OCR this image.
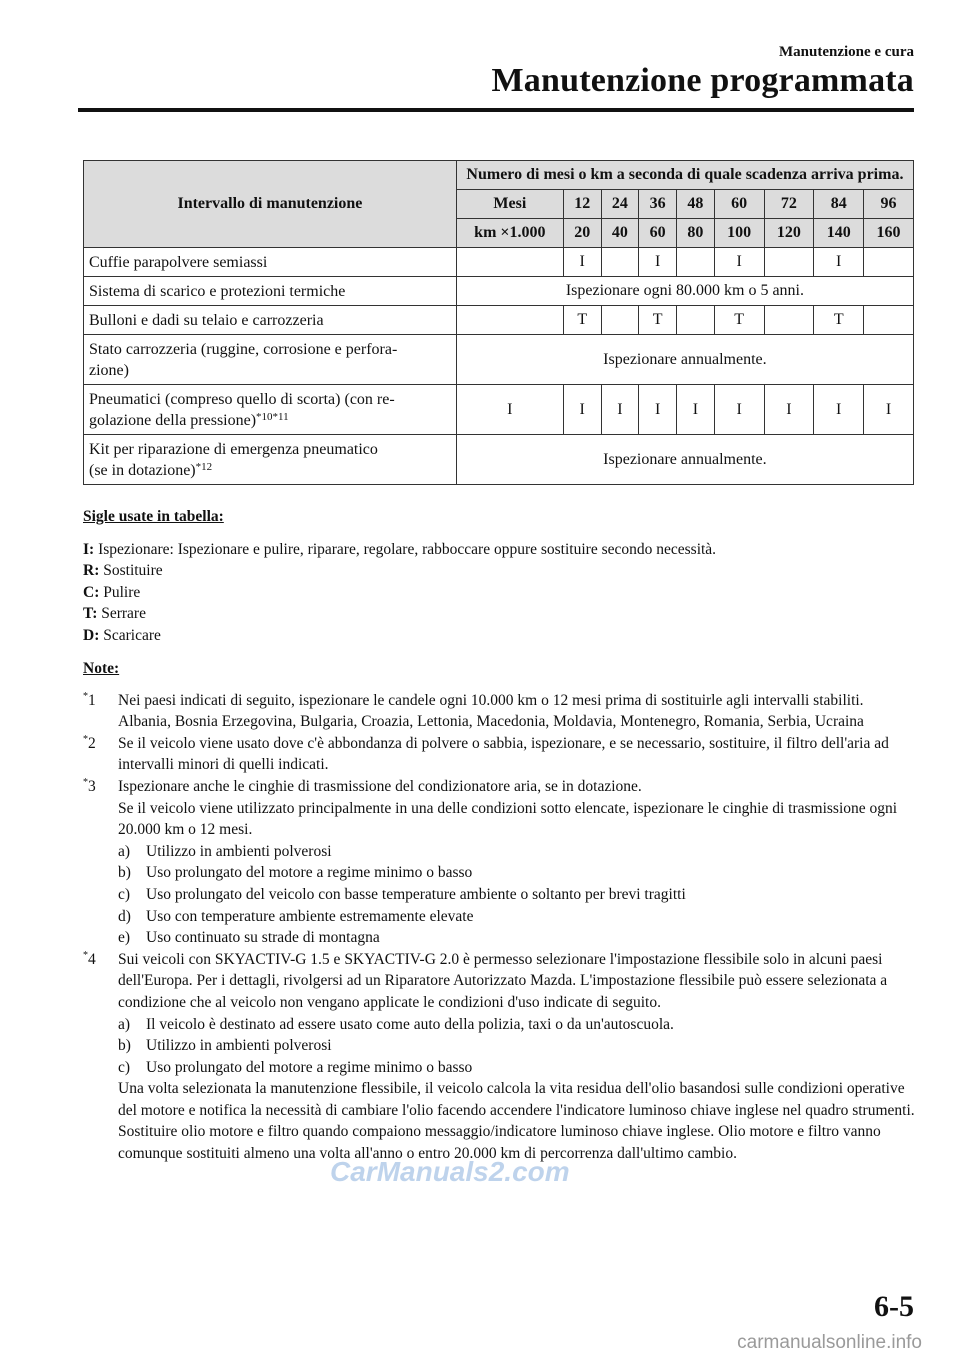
Manutenzione e cura
Manutenzione programmata
Intervallo di manutenzione	Numero di mesi o km a seconda di quale scadenza arriva prima.								
	Mesi	12	24	36	48	60	72	84	96
	km ×1.000	20	40	60	80	100	120	140	160
Cuffie parapolvere semiassi		I		I		I		I	
Sistema di scarico e protezioni termiche	Ispezionare ogni 80.000 km o 5 anni.								
Bulloni e dadi su telaio e carrozzeria		T		T		T		T	
Stato carrozzeria (ruggine, corrosione e perfora-
zione)	Ispezionare annualmente.								
Pneumatici (compreso quello di scorta) (con re-
golazione della pressione)$^{*10*11}$	I	I	I	I	I	I	I	I	I
Kit per riparazione di emergenza pneumatico
(se in dotazione)$^{*12}$	Ispezionare annualmente.								
Sigle usate in tabella:
I: Ispezionare: Ispezionare e pulire, riparare, regolare, rabboccare oppure sostituire secondo necessità.
R: Sostituire
C: Pulire
T: Serrare
D: Scaricare
Note:
*1 Nei paesi indicati di seguito, ispezionare le candele ogni 10.000 km o 12 mesi prima di sostituirle agli intervalli stabiliti.

Albania, Bosnia Erzegovina, Bulgaria, Croazia, Lettonia, Macedonia, Moldavia, Montenegro, Romania, Serbia, Ucraina

*2 Se il veicolo viene usato dove c'è abbondanza di polvere o sabbia, ispezionare, e se necessario, sostituire, il filtro dell'aria ad intervalli minori di quelli indicati.

*3 Ispezionare anche le cinghie di trasmissione del condizionatore aria, se in dotazione.

Se il veicolo viene utilizzato principalmente in una delle condizioni sotto elencate, ispezionare le cinghie di trasmissione ogni 20.000 km o 12 mesi.

a) Utilizzo in ambienti polverosi
b) Uso prolungato del motore a regime minimo o basso
c) Uso prolungato del veicolo con basse temperature ambiente o soltanto per brevi tragitti
d) Uso con temperature ambiente estremamente elevate
e) Uso continuato su strade di montagna
*4 Sui veicoli con SKYACTIV-G 1.5 e SKYACTIV-G 2.0 è permesso selezionare l'impostazione flessibile solo in alcuni paesi dell'Europa. Per i dettagli, rivolgersi ad un Riparatore Autorizzato Mazda. L'impostazione flessibile può essere selezionata a condizione che al veicolo non vengano applicate le condizioni d'uso indicate di seguito.

a) Il veicolo è destinato ad essere usato come auto della polizia, taxi o da un'autoscuola.
b) Utilizzo in ambienti polverosi
c) Uso prolungato del motore a regime minimo o basso

Una volta selezionata la manutenzione flessibile, il veicolo calcola la vita residua dell'olio basandosi sulle condizioni operative del motore e notifica la necessità di cambiare l'olio facendo accendere l'indicatore luminoso chiave inglese nel quadro strumenti.

Sostituire olio motore e filtro quando compaiono messaggio/indicatore luminoso chiave inglese. Olio motore e filtro vanno comunque sostituiti almeno una volta all'anno o entro 20.000 km di percorrenza dall'ultimo cambio.

CarManuals2.com
6-5
carmanualsonline.info
